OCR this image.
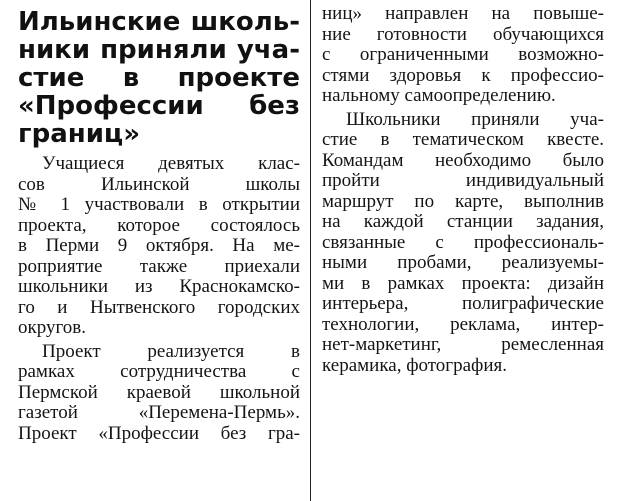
Ильинские школь-
ники приняли уча-
стие в проекте
«Профессии без
границ»
Учащиеся девятых клас-
сов Ильинской школы
№ 1 участвовали в открытии
проекта, которое состоялось
в Перми 9 октября. На ме-
роприятие также приехали
школьники из Краснокамско-
го и Нытвенского городских
округов.
Проект реализуется в
рамках сотрудничества с
Пермской краевой школьной
газетой «Перемена-Пермь».
Проект «Профессии без гра-
ниц» направлен на повыше-
ние готовности обучающихся
с ограниченными возможно-
стями здоровья к профессио-
нальному самоопределению.
Школьники приняли уча-
стие в тематическом квесте.
Командам необходимо было
пройти индивидуальный
маршрут по карте, выполнив
на каждой станции задания,
связанные с профессиональ-
ными пробами, реализуемы-
ми в рамках проекта: дизайн
интерьера, полиграфические
технологии, реклама, интер-
нет-маркетинг, ремесленная
керамика, фотография.
